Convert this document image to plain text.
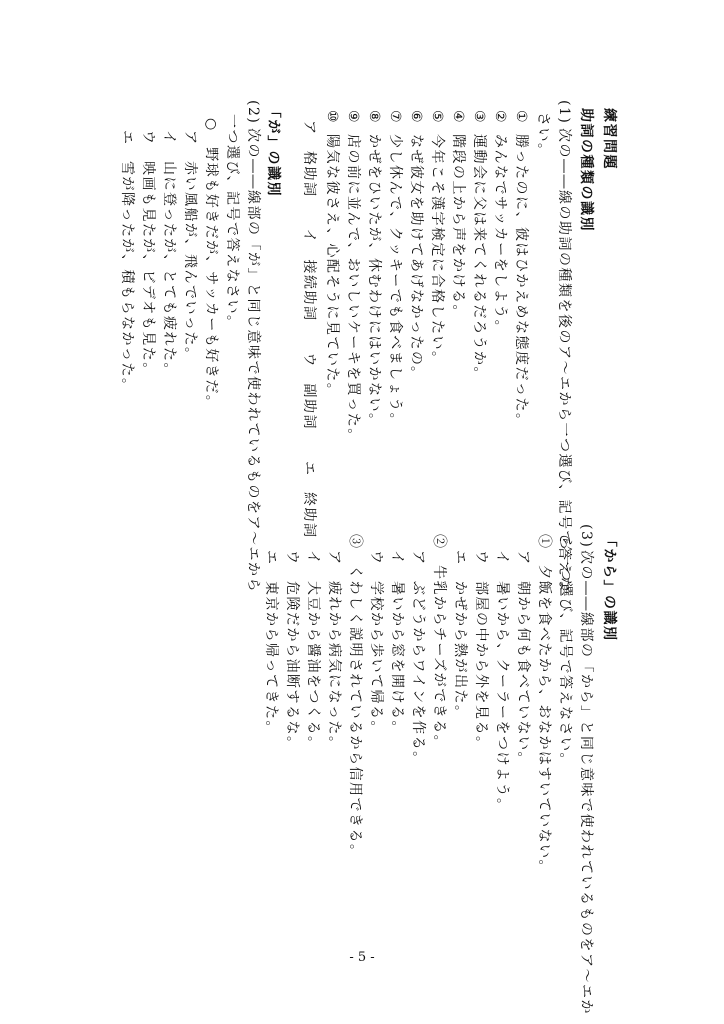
練習問題
助詞の種類の識別
(1)
次の――線の助詞の種類を後のア～エから一つ選び、記号で答えな
さい。
①
勝ったのに、彼はひかえめな態度だった。
②
みんなでサッカーをしよう。
③
運動会に父は来てくれるだろうか。
④
階段の上から声をかける。
⑤
今年こそ漢字検定に合格したい。
⑥
なぜ彼女を助けてあげなかったの。
⑦
少し休んで、クッキーでも食べましょう。
⑧
かぜをひいたが、休むわけにはいかない。
⑨
店の前に並んで、おいしいケーキを買った。
⑩
陽気な彼さえ、心配そうに見ていた。
ア　格助詞　　イ　接続助詞　　ウ　副助詞　　エ　終助詞
「が」の識別
(2)
次の――線部の「が」と同じ意味で使われているものをア～エから
一つ選び、記号で答えなさい。
○　野球も好きだが、サッカーも好きだ。
ア　赤い風船が、飛んでいった。
イ　山に登ったが、とても疲れた。
ウ　映画も見たが、ビデオも見た。
エ　雪が降ったが、積もらなかった。
「から」の識別
(3)
次の――線部の「から」と同じ意味で使われているものをア～エか
ら一つ選び、記号で答えなさい。
①　夕飯を食べたから、おなかはすいていない。
ア　朝から何も食べていない。
イ　暑いから、クーラーをつけよう。
ウ　部屋の中から外を見る。
エ　かぜから熱が出た。
②　牛乳からチーズができる。
ア　ぶどうからワインを作る。
イ　暑いから窓を開ける。
ウ　学校から歩いて帰る。
③　くわしく説明されているから信用できる。
ア　疲れから病気になった。
イ　大豆から醤油をつくる。
ウ　危険だから油断するな。
エ　東京から帰ってきた。
- 5 -
